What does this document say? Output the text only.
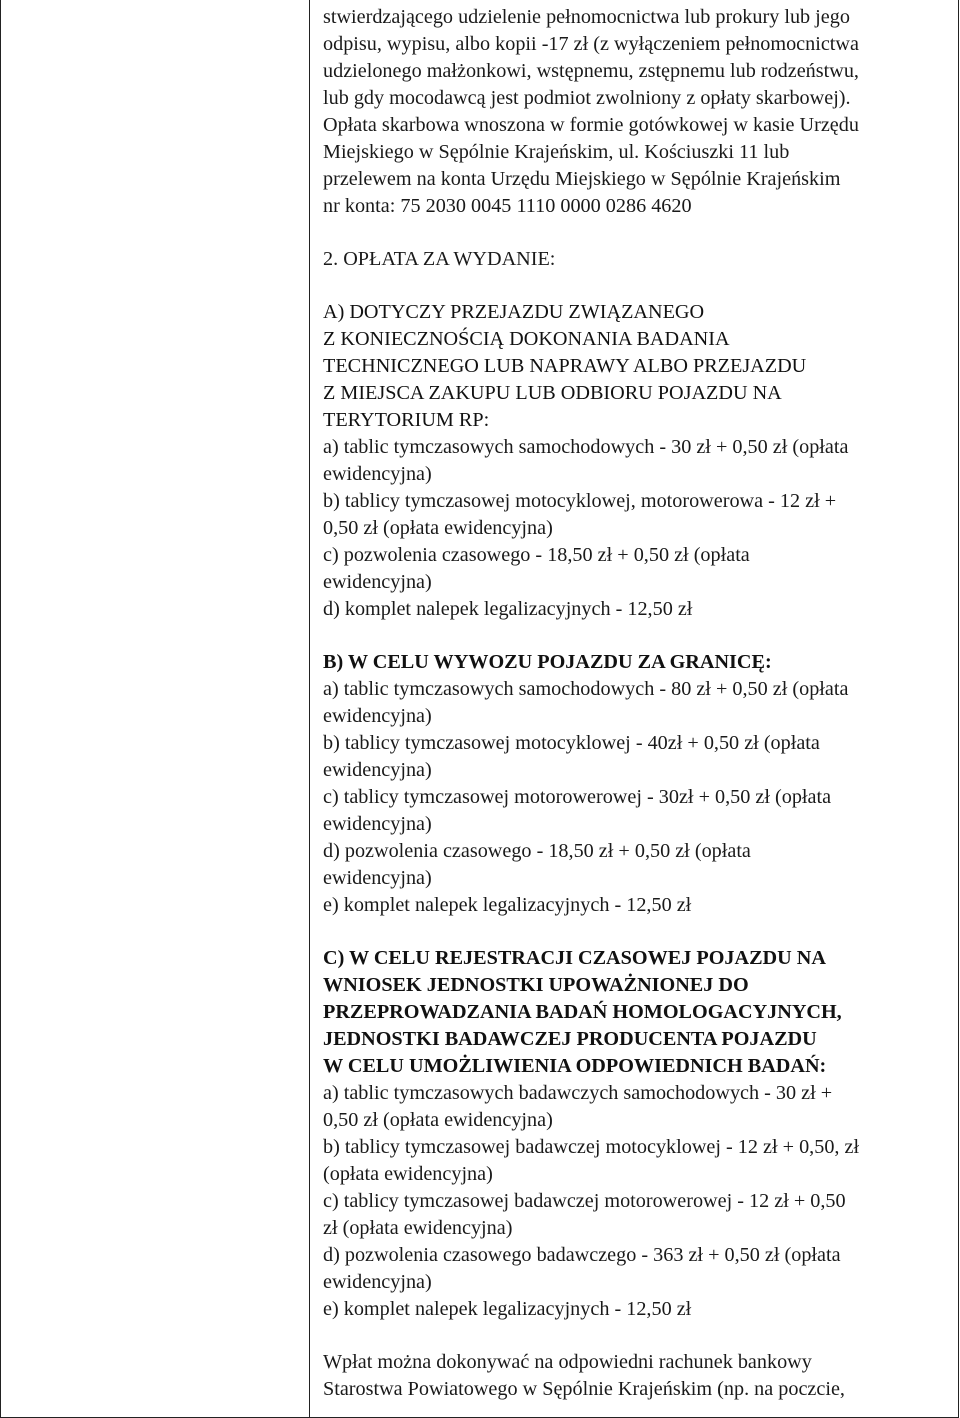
stwierdzającego udzielenie pełnomocnictwa lub prokury lub jego
odpisu, wypisu, albo kopii -17 zł (z wyłączeniem pełnomocnictwa
udzielonego małżonkowi, wstępnemu, zstępnemu lub rodzeństwu,
lub gdy mocodawcą jest podmiot zwolniony z opłaty skarbowej).
Opłata skarbowa wnoszona w formie gotówkowej w kasie Urzędu
Miejskiego w Sępólnie Krajeńskim, ul. Kościuszki 11 lub
przelewem na konta Urzędu Miejskiego w Sępólnie Krajeńskim
nr konta: 75 2030 0045 1110 0000 0286 4620
2. OPŁATA ZA WYDANIE:
A) DOTYCZY PRZEJAZDU ZWIĄZANEGO
Z KONIECZNOŚCIĄ DOKONANIA BADANIA
TECHNICZNEGO LUB NAPRAWY ALBO PRZEJAZDU
Z MIEJSCA ZAKUPU LUB ODBIORU POJAZDU NA
TERYTORIUM RP:
a) tablic tymczasowych samochodowych - 30 zł + 0,50 zł (opłata
ewidencyjna)
b) tablicy tymczasowej motocyklowej, motorowerowa - 12 zł +
0,50 zł (opłata ewidencyjna)
c) pozwolenia czasowego - 18,50 zł + 0,50 zł (opłata
ewidencyjna)
d) komplet nalepek legalizacyjnych - 12,50 zł
B) W CELU WYWOZU POJAZDU ZA GRANICĘ:
a) tablic tymczasowych samochodowych - 80 zł + 0,50 zł (opłata
ewidencyjna)
b) tablicy tymczasowej motocyklowej - 40zł + 0,50 zł (opłata
ewidencyjna)
c) tablicy tymczasowej motorowerowej - 30zł + 0,50 zł (opłata
ewidencyjna)
d) pozwolenia czasowego - 18,50 zł + 0,50 zł (opłata
ewidencyjna)
e) komplet nalepek legalizacyjnych - 12,50 zł
C) W CELU REJESTRACJI CZASOWEJ POJAZDU NA
WNIOSEK JEDNOSTKI UPOWAŻNIONEJ DO
PRZEPROWADZANIA BADAŃ HOMOLOGACYJNYCH,
JEDNOSTKI BADAWCZEJ PRODUCENTA POJAZDU
W CELU UMOŻLIWIENIA ODPOWIEDNICH BADAŃ:
a) tablic tymczasowych badawczych samochodowych - 30 zł +
0,50 zł (opłata ewidencyjna)
b) tablicy tymczasowej badawczej motocyklowej - 12 zł + 0,50, zł
(opłata ewidencyjna)
c) tablicy tymczasowej badawczej motorowerowej - 12 zł + 0,50
zł (opłata ewidencyjna)
d) pozwolenia czasowego badawczego - 363 zł + 0,50 zł (opłata
ewidencyjna)
e) komplet nalepek legalizacyjnych - 12,50 zł
Wpłat można dokonywać na odpowiedni rachunek bankowy
Starostwa Powiatowego w Sępólnie Krajeńskim (np. na poczcie,
